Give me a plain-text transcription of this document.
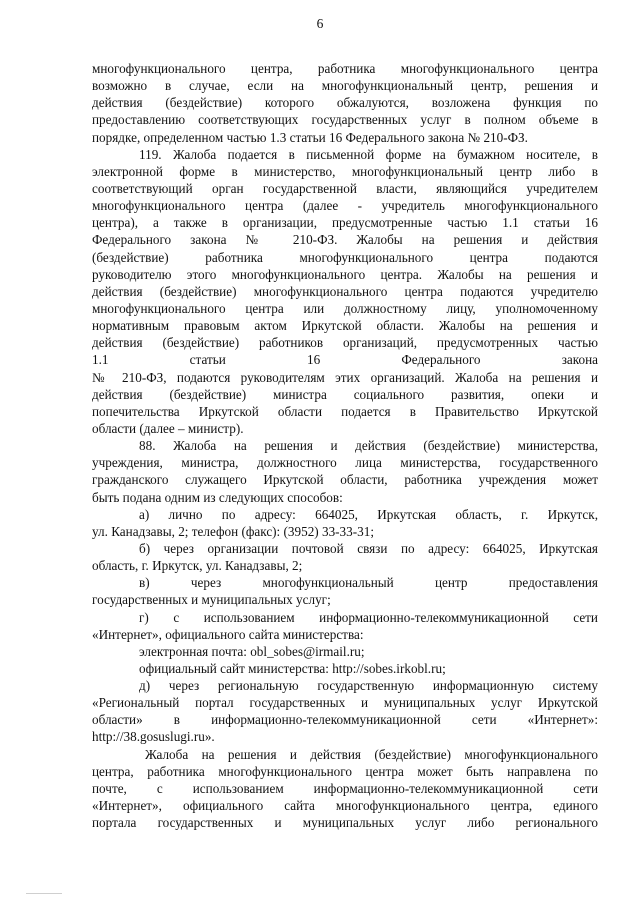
6

многофункционального центра, работника многофункционального центра

возможно в случае, если на многофункциональный центр, решения и

действия (бездействие) которого обжалуются, возложена функция по

предоставлению соответствующих государственных услуг в полном объеме в

порядке, определенном частью 1.3 статьи 16 Федерального закона № 210-ФЗ.

119. Жалоба подается в письменной форме на бумажном носителе, в

электронной форме в министерство, многофункциональный центр либо в

соответствующий орган государственной власти, являющийся учредителем

многофункционального центра (далее - учредитель многофункционального

центра), а также в организации, предусмотренные частью 1.1 статьи 16

Федерального закона № 210-ФЗ. Жалобы на решения и действия

(бездействие) работника многофункционального центра подаются

руководителю этого многофункционального центра. Жалобы на решения и

действия (бездействие) многофункционального центра подаются учредителю

многофункционального центра или должностному лицу, уполномоченному

нормативным правовым актом Иркутской области. Жалобы на решения и

действия (бездействие) работников организаций, предусмотренных частью

1.1 статьи 16 Федерального закона

№ 210-ФЗ, подаются руководителям этих организаций. Жалоба на решения и

действия (бездействие) министра социального развития, опеки и

попечительства Иркутской области подается в Правительство Иркутской

области (далее – министр).

88. Жалоба на решения и действия (бездействие) министерства,

учреждения, министра, должностного лица министерства, государственного

гражданского служащего Иркутской области, работника учреждения может

быть подана одним из следующих способов:

а) лично по адресу: 664025, Иркутская область, г. Иркутск,

ул. Канадзавы, 2; телефон (факс): (3952) 33-33-31;

б) через организации почтовой связи по адресу: 664025, Иркутская

область, г. Иркутск, ул. Канадзавы, 2;

в) через многофункциональный центр предоставления

государственных и муниципальных услуг;

г) с использованием информационно-телекоммуникационной сети

«Интернет», официального сайта министерства:

электронная почта: obl_sobes@irmail.ru;

официальный сайт министерства: http://sobes.irkobl.ru;

д) через региональную государственную информационную систему

«Региональный портал государственных и муниципальных услуг Иркутской

области» в информационно-телекоммуникационной сети «Интернет»:

http://38.gosuslugi.ru».

Жалоба на решения и действия (бездействие) многофункционального

центра, работника многофункционального центра может быть направлена по

почте, с использованием информационно-телекоммуникационной сети

«Интернет», официального сайта многофункционального центра, единого

портала государственных и муниципальных услуг либо регионального
